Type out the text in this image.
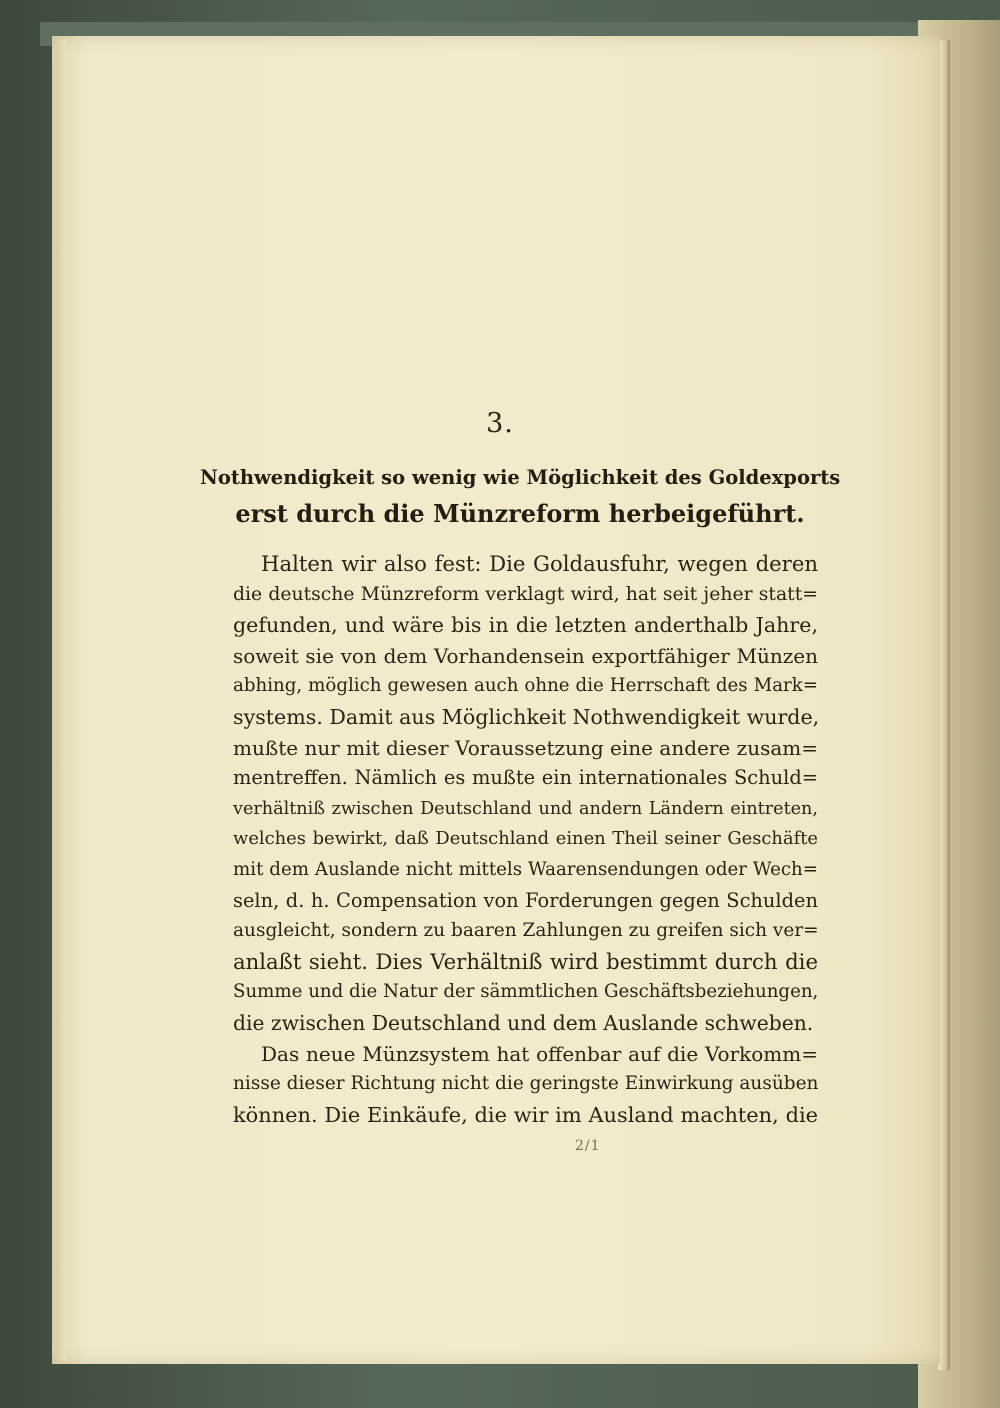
3.
Nothwendigkeit so wenig wie Möglichkeit des Goldexports
erst durch die Münzreform herbeigeführt.
Halten wir also fest: Die Goldausfuhr, wegen deren
die deutsche Münzreform verklagt wird, hat seit jeher statt=
gefunden, und wäre bis in die letzten anderthalb Jahre,
soweit sie von dem Vorhandensein exportfähiger Münzen
abhing, möglich gewesen auch ohne die Herrschaft des Mark=
systems. Damit aus Möglichkeit Nothwendigkeit wurde,
mußte nur mit dieser Voraussetzung eine andere zusam=
mentreffen. Nämlich es mußte ein internationales Schuld=
verhältniß zwischen Deutschland und andern Ländern eintreten,
welches bewirkt, daß Deutschland einen Theil seiner Geschäfte
mit dem Auslande nicht mittels Waarensendungen oder Wech=
seln, d. h. Compensation von Forderungen gegen Schulden
ausgleicht, sondern zu baaren Zahlungen zu greifen sich ver=
anlaßt sieht. Dies Verhältniß wird bestimmt durch die
Summe und die Natur der sämmtlichen Geschäftsbeziehungen,
die zwischen Deutschland und dem Auslande schweben.
Das neue Münzsystem hat offenbar auf die Vorkomm=
nisse dieser Richtung nicht die geringste Einwirkung ausüben
können. Die Einkäufe, die wir im Ausland machten, die
2/1
